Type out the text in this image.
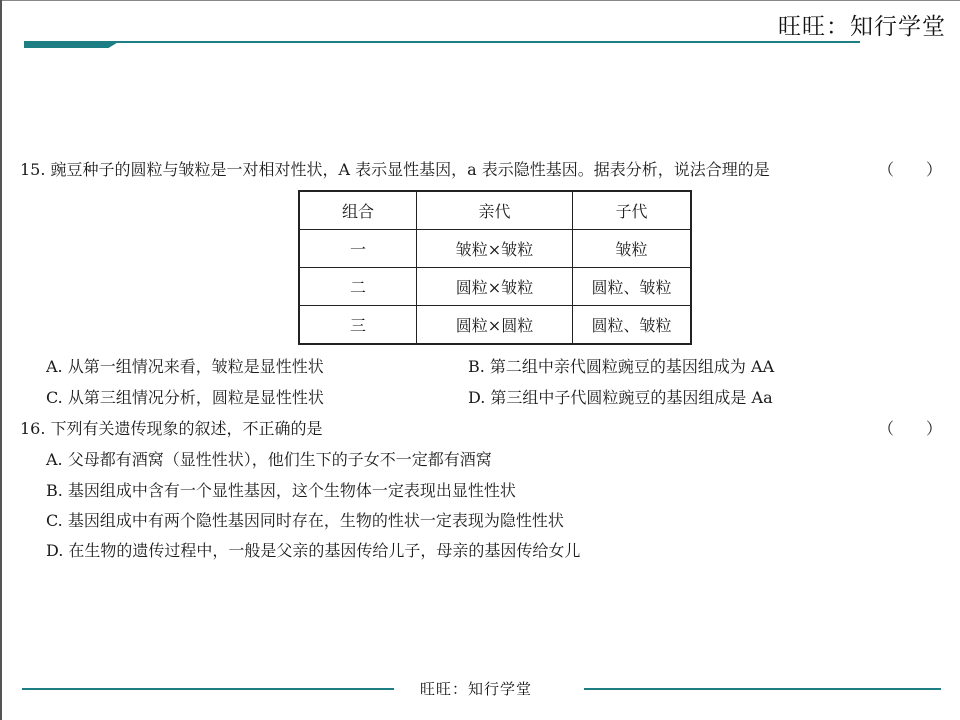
旺旺：知行学堂
15. 豌豆种子的圆粒与皱粒是一对相对性状，A 表示显性基因，a 表示隐性基因。据表分析，说法合理的是	（　　）
组合	亲代	子代
一	皱粒×皱粒	皱粒
二	圆粒×皱粒	圆粒、皱粒
三	圆粒×圆粒	圆粒、皱粒
A. 从第一组情况来看，皱粒是显性性状	B. 第二组中亲代圆粒豌豆的基因组成为 AA
C. 从第三组情况分析，圆粒是显性性状	D. 第三组中子代圆粒豌豆的基因组成是 Aa
16. 下列有关遗传现象的叙述，不正确的是	（　　）
A. 父母都有酒窝（显性性状），他们生下的子女不一定都有酒窝
B. 基因组成中含有一个显性基因，这个生物体一定表现出显性性状
C. 基因组成中有两个隐性基因同时存在，生物的性状一定表现为隐性性状
D. 在生物的遗传过程中，一般是父亲的基因传给儿子，母亲的基因传给女儿
旺旺：知行学堂
